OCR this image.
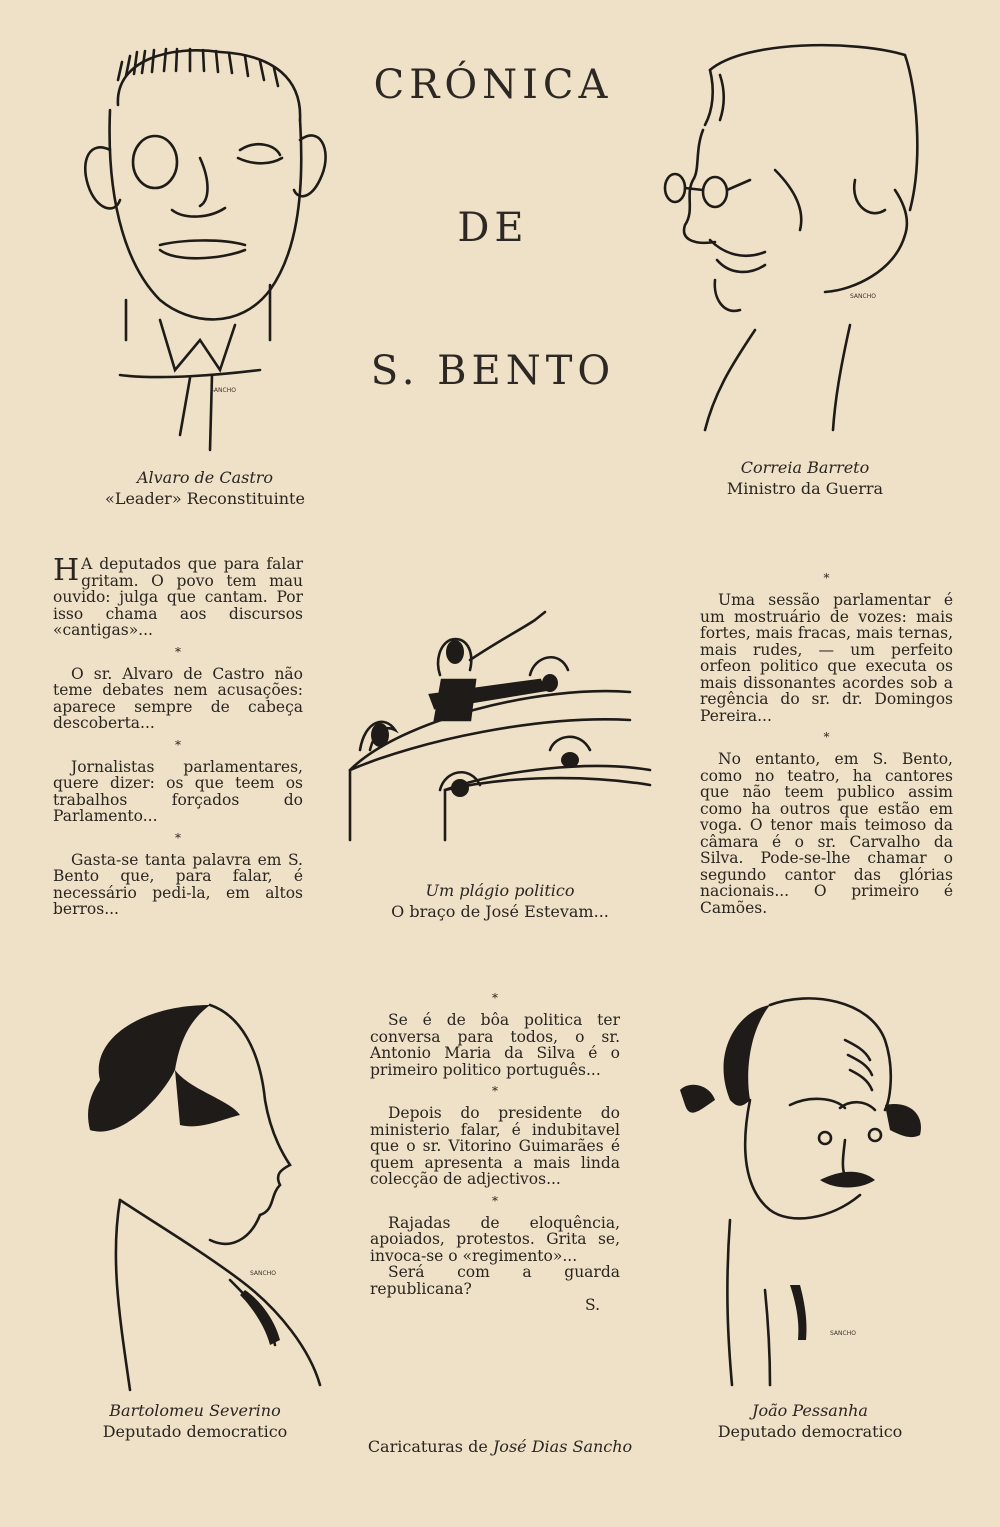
CRÓNICA
DE
S. BENTO
SANCHO
Alvaro de Castro
«Leader» Reconstituinte
SANCHO
Correia Barreto
Ministro da Guerra

H A deputados que para falar gritam. O povo tem mau ouvido: julga que cantam. Por isso chama aos discursos «cantigas»...

*

O sr. Alvaro de Castro não teme debates nem acusações: aparece sempre de cabeça descoberta...

*

Jornalistas parlamentares, quere dizer: os que teem os trabalhos forçados do Parlamento...

*

Gasta-se tanta palavra em S. Bento que, para falar, é necessário pedi-la, em altos berros...

Um plágio politico
O braço de José Estevam...
*

Uma sessão parlamentar é um mostruário de vozes: mais fortes, mais fracas, mais ternas, mais rudes, — um perfeito orfeon politico que executa os mais dissonantes acordes sob a regência do sr. dr. Domingos Pereira...

*

No entanto, em S. Bento, como no teatro, ha cantores que não teem publico assim como ha outros que estão em voga. O tenor mais teimoso da câmara é o sr. Carvalho da Silva. Pode-se-lhe chamar o segundo cantor das glórias nacionais... O primeiro é Camões.

*

Se é de bôa politica ter conversa para todos, o sr. Antonio Maria da Silva é o primeiro politico português...

*

Depois do presidente do ministerio falar, é indubitavel que o sr. Vitorino Guimarães é quem apresenta a mais linda colecção de adjectivos...

*

Rajadas de eloquência, apoiados, protestos. Grita se, invoca-se o «regimento»...

Será com a guarda republicana?

S.
SANCHO
Bartolomeu Severino
Deputado democratico
SANCHO
João Pessanha
Deputado democratico
Caricaturas de José Dias Sancho
